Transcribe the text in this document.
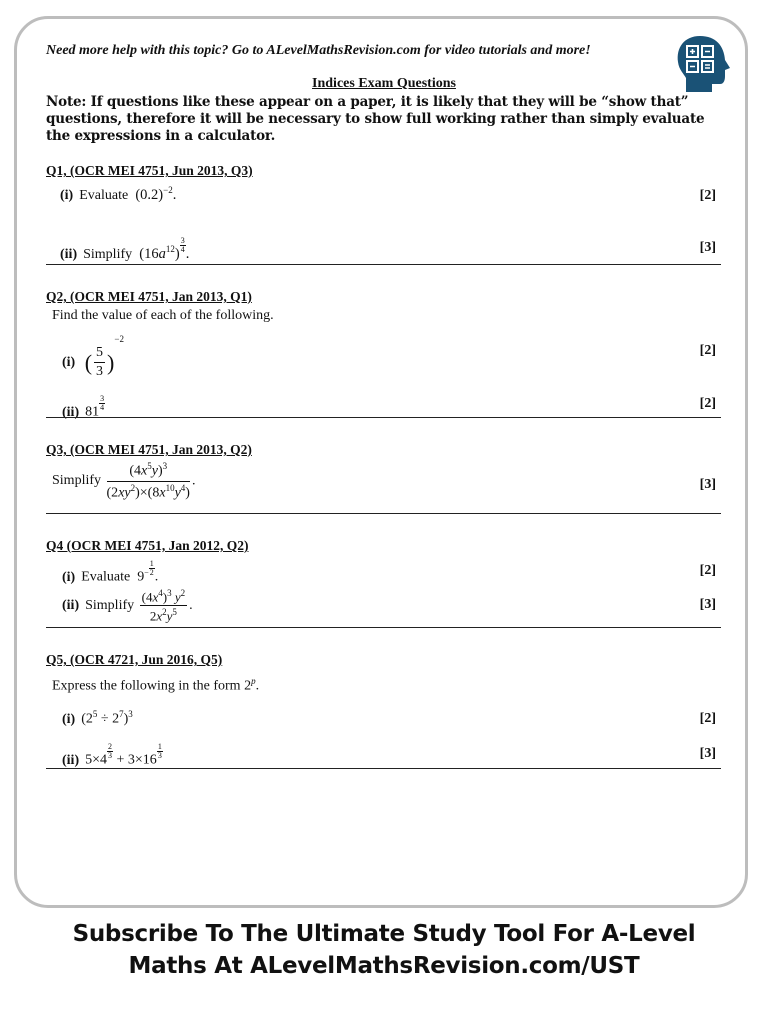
Need more help with this topic? Go to ALevelMathsRevision.com for video tutorials and more!
Indices Exam Questions
Note: If questions like these appear on a paper, it is likely that they will be “show that” questions, therefore it will be necessary to show full working rather than simply evaluate the expressions in a calculator.
Q1, (OCR MEI 4751, Jun 2013, Q3)
(i) Evaluate  $(0.2)^{-2}$.	[2]
(ii) Simplify  $(16a^{12}) \frac{3}{4}$ .	[3]
Q2, (OCR MEI 4751, Jan 2013, Q1)
Find the value of each of the following.
(i) ( $\frac{5}{3} )^{-2}$
[2]
(ii) 81
$\frac{3}{4}$	[2]
Q3, (OCR MEI 4751, Jan 2013, Q2)
Simplify $\frac{(4x^5y)^3}{(2xy^2)\times(8x^{10}y^4)}$ .	[3]
Q4 (OCR MEI 4751, Jan 2012, Q2)
(i) Evaluate  $9- \frac{1}{2}$
.	[2]
(ii) Simplify $\frac{(4x^4)^3 y^2}{2x^2y^5}$ .	[3]
Q5, (OCR 4721, Jun 2016, Q5)
Express the following in the form 2$^p$.
(i) $(2^5 \div 2^7)^3$	[2]
(ii) 5×4
$\frac{2}{3}$
+ 3×16
$\frac{1}{3}$	[3]
Subscribe To The Ultimate Study Tool For A-Level
Maths At ALevelMathsRevision.com/UST
